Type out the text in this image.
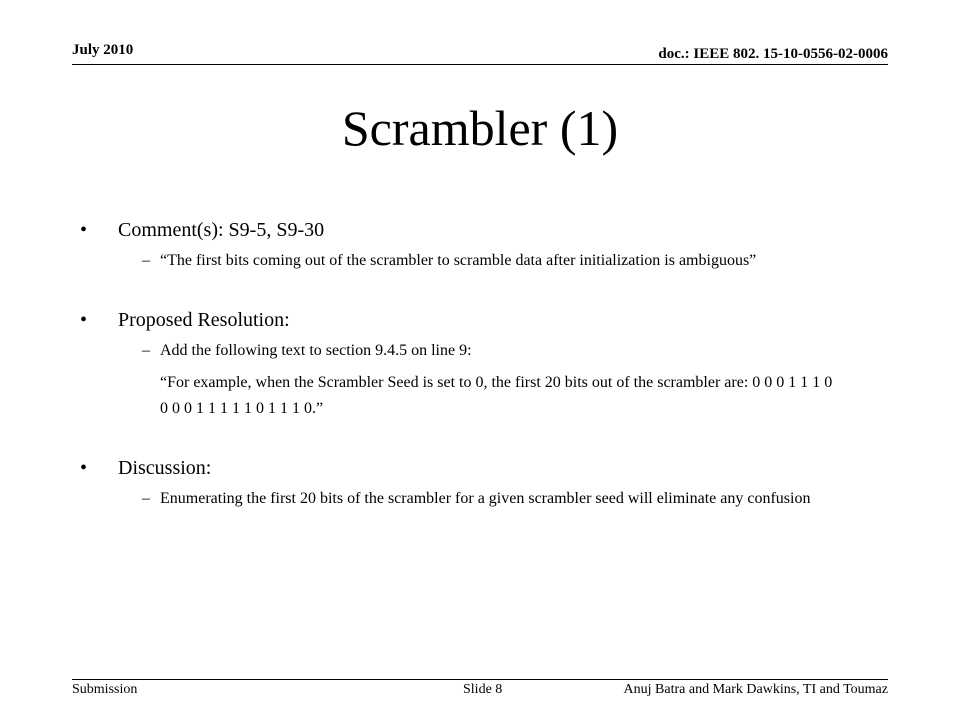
July 2010	doc.: IEEE 802. 15-10-0556-02-0006
Scrambler (1)
• Comment(s): S9-5, S9-30
– “The first bits coming out of the scrambler to scramble data after initialization is ambiguous”
• Proposed Resolution:
– Add the following text to section 9.4.5 on line 9:
“For example, when the Scrambler Seed is set to 0, the first 20 bits out of the scrambler are: 0 0 0 1 1 1 0 0 0 0 1 1 1 1 1 0 1 1 1 0.”
• Discussion:
– Enumerating the first 20 bits of the scrambler for a given scrambler seed will eliminate any confusion
Submission	Slide 8	Anuj Batra and Mark Dawkins, TI and Toumaz
